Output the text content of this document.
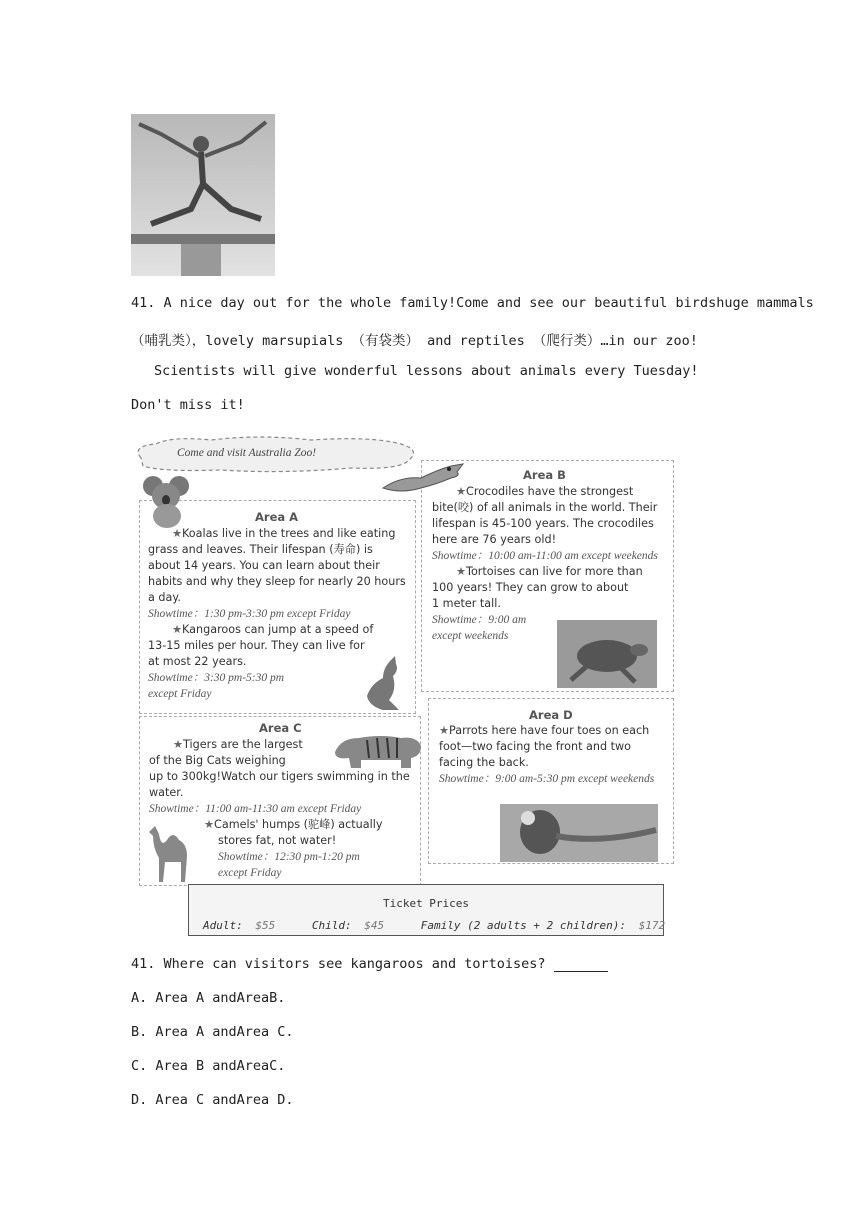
41. A nice day out for the whole family!Come and see our beautiful birdshuge mammals
（哺乳类），lovely marsupials （有袋类） and reptiles （爬行类）…in our zoo!
Scientists will give wonderful lessons about animals every Tuesday!
Don't miss it!
Come and visit Australia Zoo!
Area A
★Koalas live in the trees and like eating
grass and leaves. Their lifespan (寿命) is
about 14 years. You can learn about their
habits and why they sleep for nearly 20 hours
a day.
Showtime：1:30 pm-3:30 pm except Friday
★Kangaroos can jump at a speed of
13-15 miles per hour. They can live for
at most 22 years.
Showtime：3:30 pm-5:30 pm
except Friday
Area B
★Crocodiles have the strongest
bite(咬) of all animals in the world. Their
lifespan is 45-100 years. The crocodiles
here are 76 years old!
Showtime：10:00 am-11:00 am except weekends
★Tortoises can live for more than
100 years! They can grow to about
1 meter tall.
Showtime：9:00 am
except weekends
Area C
★Tigers are the largest
of the Big Cats weighing
up to 300kg!Watch our tigers swimming in the
water.
Showtime：11:00 am-11:30 am except Friday
★Camels' humps (驼峰) actually
stores fat, not water!
Showtime：12:30 pm-1:20 pm
except Friday
Area D
★Parrots here have four toes on each
foot—two facing the front and two
facing the back.
Showtime：9:00 am-5:30 pm except weekends
Ticket Prices
Adult: $55	Child: $45	Family (2 adults + 2 children): $172
41. Where can visitors see kangaroos and tortoises?
A. Area A andAreaB.
B. Area A andArea C.
C. Area B andAreaC.
D. Area C andArea D.
